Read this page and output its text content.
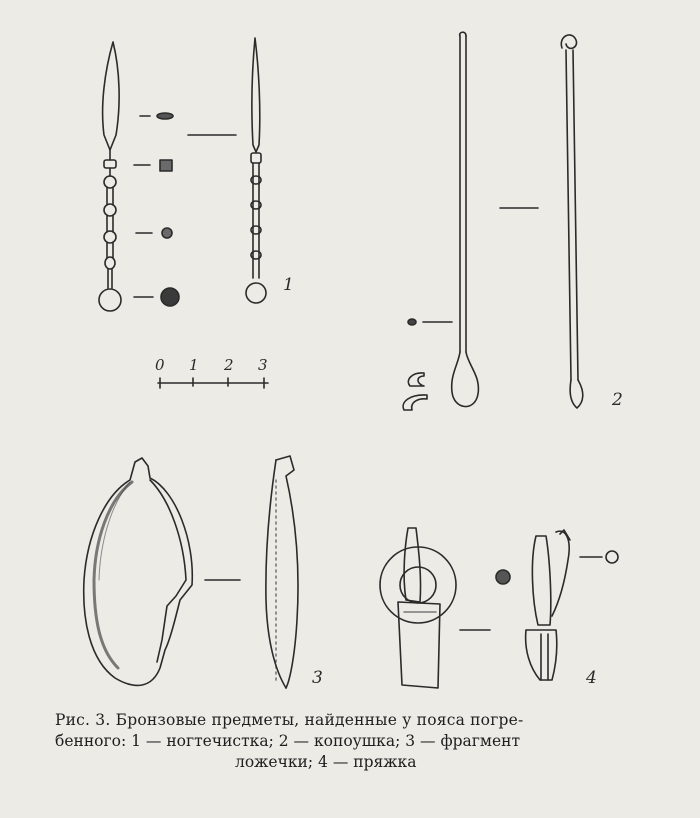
1
2
3	4
0 1 2 3
Рис. 3. Бронзовые предметы, найденные у пояса погре-
бенного: 1 — ногтечистка; 2 — копоушка; 3 — фрагмент
ложечки; 4 — пряжка
